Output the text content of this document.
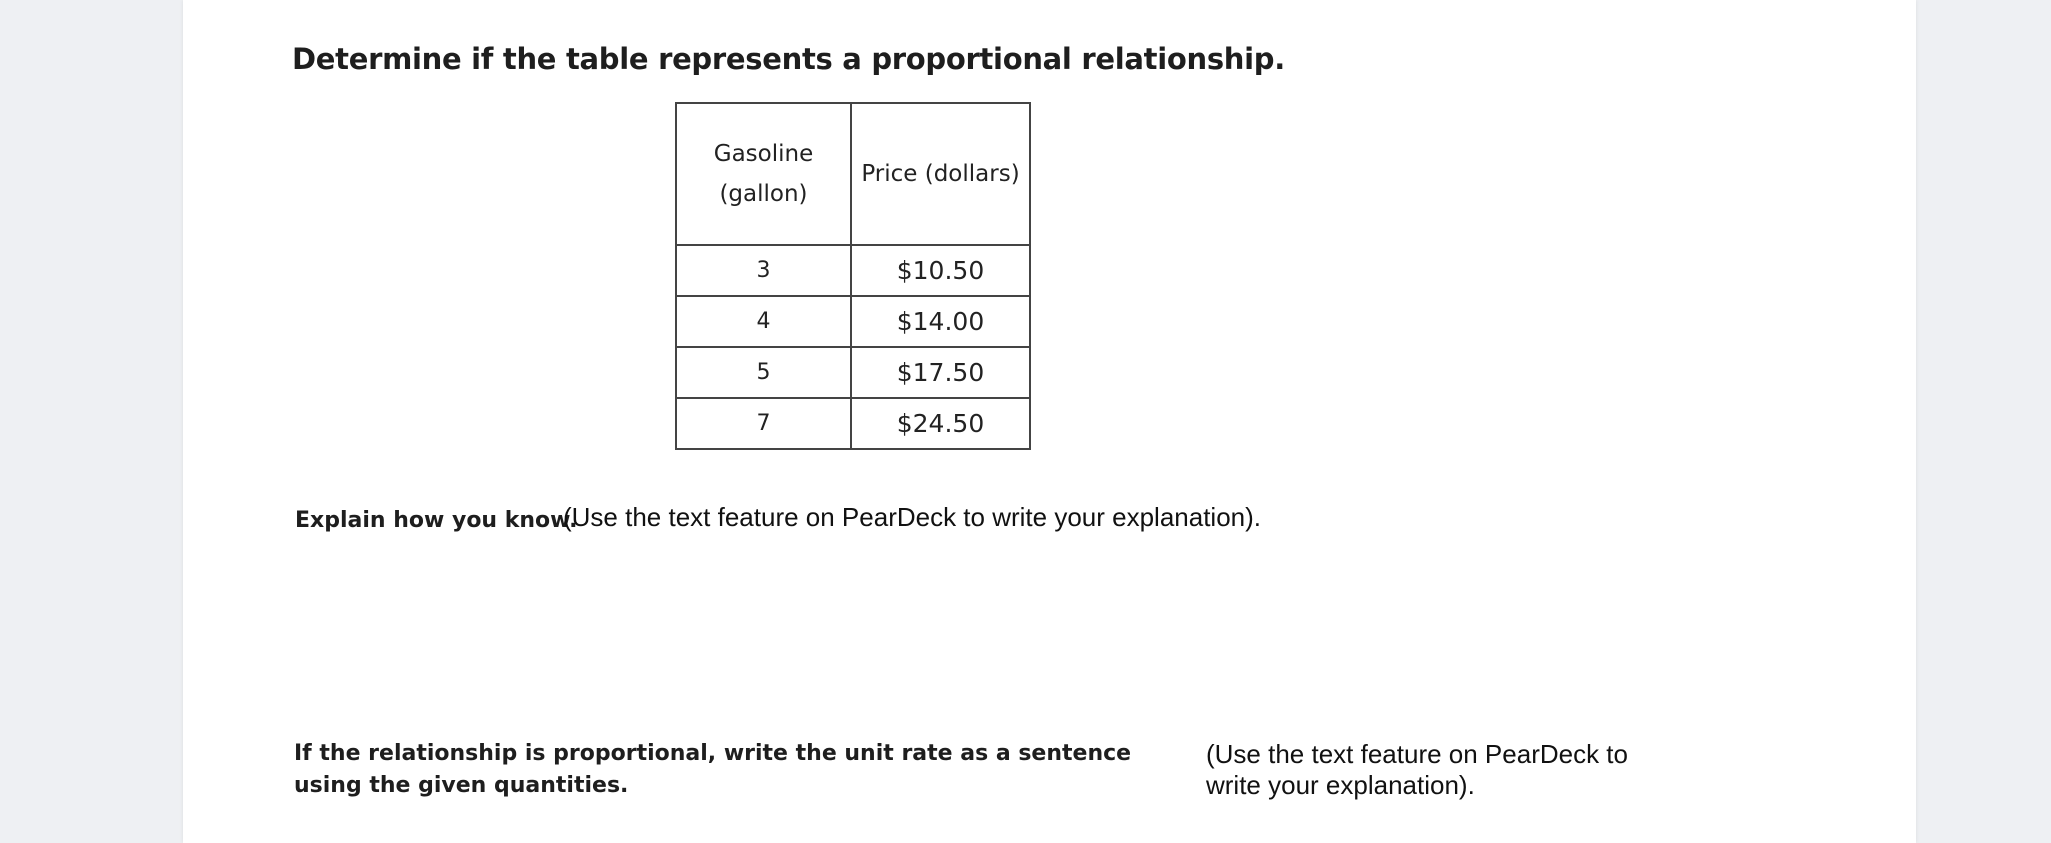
Determine if the table represents a proportional relationship.
Gasoline
(gallon)	Price (dollars)
3	$10.50
4	$14.00
5	$17.50
7	$24.50
Explain how you know.
(Use the text feature on PearDeck to write your explanation).
If the relationship is proportional, write the unit rate as a sentence using the given quantities.
(Use the text feature on PearDeck to write your explanation).
